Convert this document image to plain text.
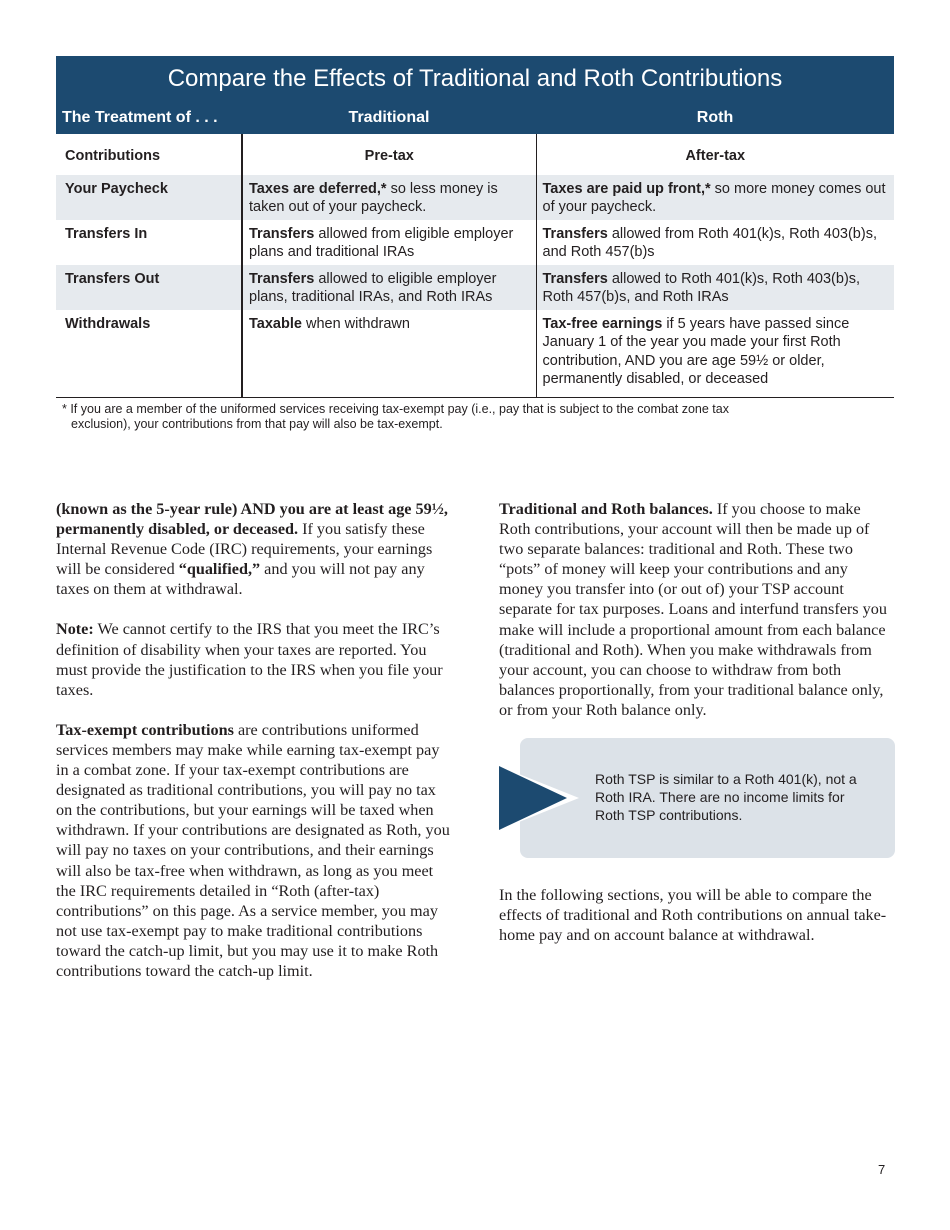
Compare the Effects of Traditional and Roth Contributions
The Treatment of . . .	Traditional	Roth
Contributions	Pre-tax	After-tax
Your Paycheck	Taxes are deferred,* so less money is taken out of your paycheck.	Taxes are paid up front,* so more money comes out of your paycheck.
Transfers In	Transfers allowed from eligible employer plans and traditional IRAs	Transfers allowed from Roth 401(k)s, Roth 403(b)s, and Roth 457(b)s
Transfers Out	Transfers allowed to eligible employer plans, traditional IRAs, and Roth IRAs	Transfers allowed to Roth 401(k)s, Roth 403(b)s, Roth 457(b)s, and Roth IRAs
Withdrawals	Taxable when withdrawn	Tax-free earnings if 5 years have passed since January 1 of the year you made your first Roth contribution, AND you are age 59½ or older, permanently disabled, or deceased
* If you are a member of the uniformed services receiving tax-exempt pay (i.e., pay that is subject to the combat zone tax
exclusion), your contributions from that pay will also be tax-exempt.

(known as the 5-year rule) AND you are at least age 59½, permanently disabled, or deceased. If you satisfy these Internal Revenue Code (IRC) requirements, your earnings will be considered “qualified,” and you will not pay any taxes on them at withdrawal.

Note: We cannot certify to the IRS that you meet the IRC’s definition of disability when your taxes are reported. You must provide the justification to the IRS when you file your taxes.

Tax-exempt contributions are contributions uniformed services members may make while earning tax-exempt pay in a combat zone. If your tax-exempt contributions are designated as traditional contributions, you will pay no tax on the contributions, but your earnings will be taxed when withdrawn. If your contributions are designated as Roth, you will pay no taxes on your contributions, and their earnings will also be tax-free when withdrawn, as long as you meet the IRC requirements detailed in “Roth (after-tax) contributions” on this page. As a service member, you may not use tax-exempt pay to make traditional contributions toward the catch-up limit, but you may use it to make Roth contributions toward the catch-up limit.

Traditional and Roth balances. If you choose to make Roth contributions, your account will then be made up of two separate balances: traditional and Roth. These two “pots” of money will keep your contributions and any money you transfer into (or out of) your TSP account separate for tax purposes. Loans and interfund transfers you make will include a proportional amount from each balance (traditional and Roth). When you make withdrawals from your account, you can choose to withdraw from both balances proportionally, from your traditional balance only, or from your Roth balance only.

Roth TSP is similar to a Roth 401(k), not a Roth IRA. There are no income limits for Roth TSP contributions.
In the following sections, you will be able to compare the effects of traditional and Roth contributions on annual take-home pay and on account balance at withdrawal.
7
